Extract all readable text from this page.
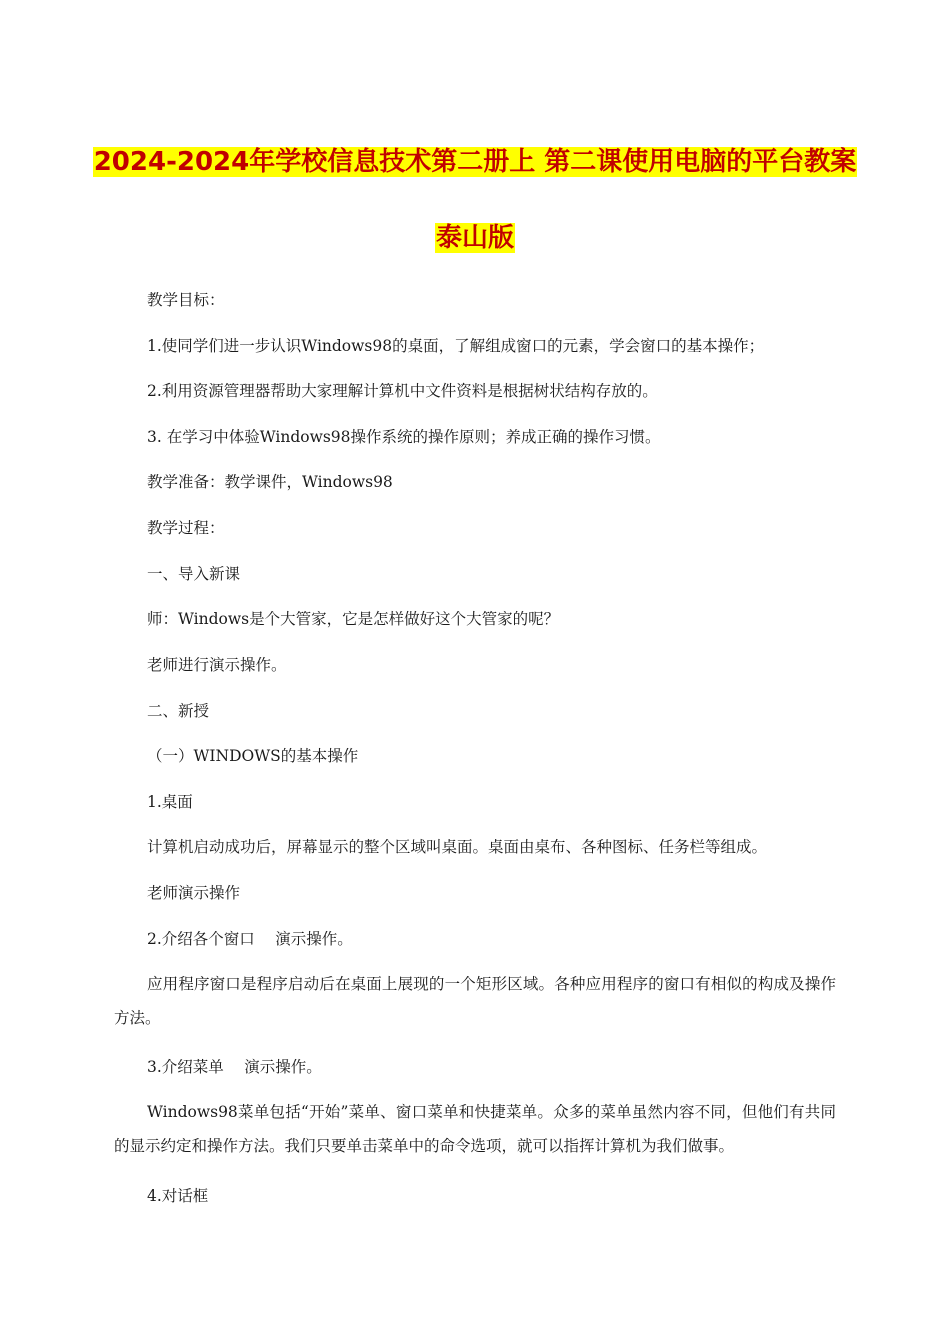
2024-2024年学校信息技术第二册上 第二课使用电脑的平台教案
泰山版
教学目标：
1.使同学们进一步认识Windows98的桌面，了解组成窗口的元素，学会窗口的基本操作；
2.利用资源管理器帮助大家理解计算机中文件资料是根据树状结构存放的。
3. 在学习中体验Windows98操作系统的操作原则；养成正确的操作习惯。
教学准备：教学课件，Windows98
教学过程：
一、导入新课
师：Windows是个大管家，它是怎样做好这个大管家的呢？
老师进行演示操作。
二、新授
（一）WINDOWS的基本操作
1.桌面
计算机启动成功后，屏幕显示的整个区域叫桌面。桌面由桌布、各种图标、任务栏等组成。
老师演示操作
2.介绍各个窗口　 演示操作。
应用程序窗口是程序启动后在桌面上展现的一个矩形区域。各种应用程序的窗口有相似的构成及操作方法。
3.介绍菜单　 演示操作。
Windows98菜单包括“开始”菜单、窗口菜单和快捷菜单。众多的菜单虽然内容不同，但他们有共同的显示约定和操作方法。我们只要单击菜单中的命令选项，就可以指挥计算机为我们做事。
4.对话框
